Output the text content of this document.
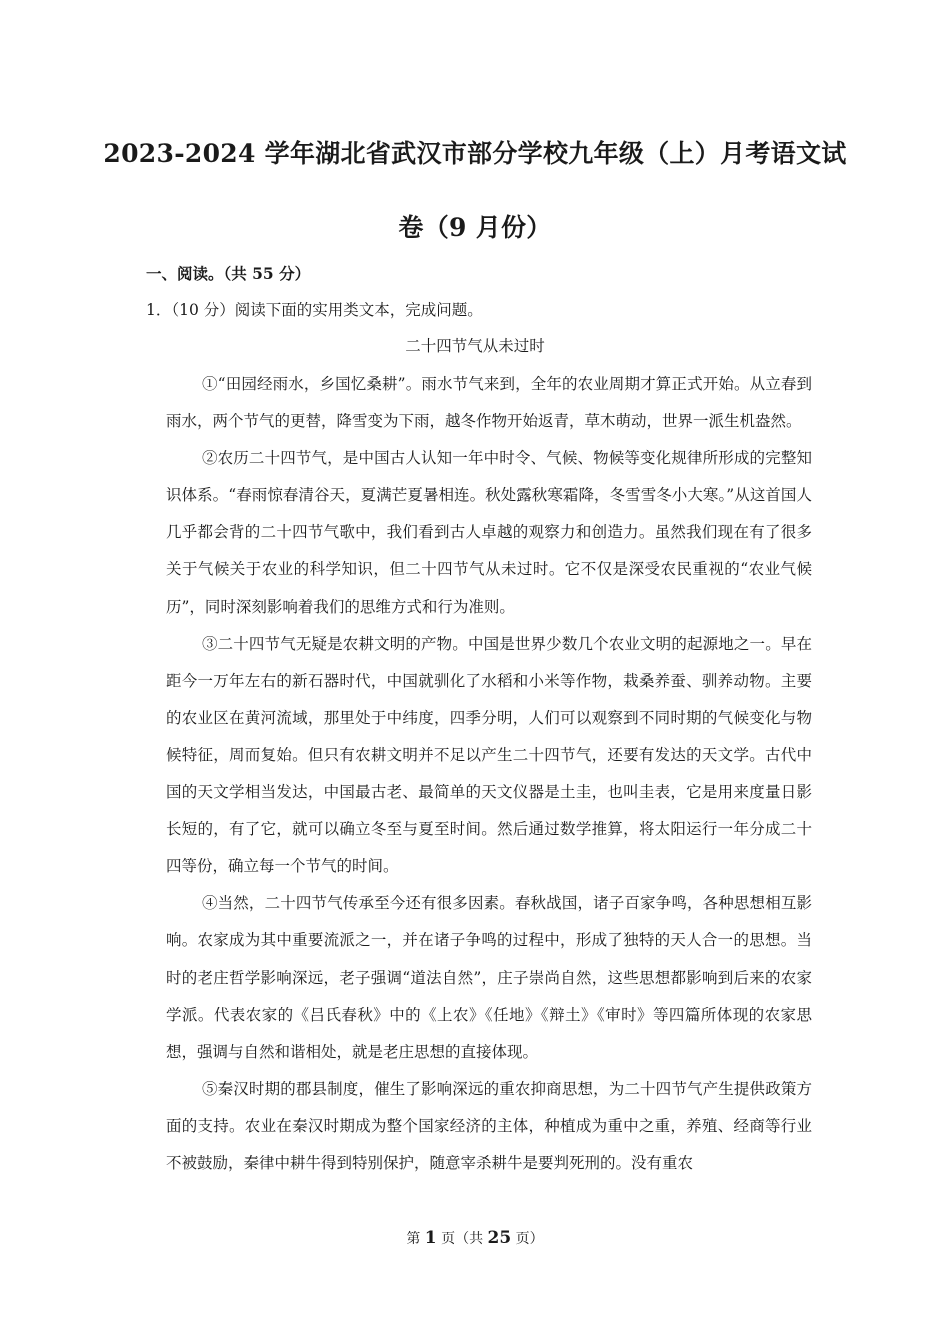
2023-2024 学年湖北省武汉市部分学校九年级（上）月考语文试
卷（9 月份）
一、阅读。（共 55 分）
1．（10 分）阅读下面的实用类文本，完成问题。
二十四节气从未过时

①“田园经雨水，乡国忆桑耕”。雨水节气来到，全年的农业周期才算正式开始。从立春到雨水，两个节气的更替，降雪变为下雨，越冬作物开始返青，草木萌动，世界一派生机盎然。

②农历二十四节气，是中国古人认知一年中时令、气候、物候等变化规律所形成的完整知识体系。“春雨惊春清谷天，夏满芒夏暑相连。秋处露秋寒霜降，冬雪雪冬小大寒。”从这首国人几乎都会背的二十四节气歌中，我们看到古人卓越的观察力和创造力。虽然我们现在有了很多关于气候关于农业的科学知识，但二十四节气从未过时。它不仅是深受农民重视的“农业气候历”，同时深刻影响着我们的思维方式和行为准则。

③二十四节气无疑是农耕文明的产物。中国是世界少数几个农业文明的起源地之一。早在距今一万年左右的新石器时代，中国就驯化了水稻和小米等作物，栽桑养蚕、驯养动物。主要的农业区在黄河流域，那里处于中纬度，四季分明，人们可以观察到不同时期的气候变化与物候特征，周而复始。但只有农耕文明并不足以产生二十四节气，还要有发达的天文学。古代中国的天文学相当发达，中国最古老、最简单的天文仪器是土圭，也叫圭表，它是用来度量日影长短的，有了它，就可以确立冬至与夏至时间。然后通过数学推算，将太阳运行一年分成二十四等份，确立每一个节气的时间。

④当然，二十四节气传承至今还有很多因素。春秋战国，诸子百家争鸣，各种思想相互影响。农家成为其中重要流派之一，并在诸子争鸣的过程中，形成了独特的天人合一的思想。当时的老庄哲学影响深远，老子强调“道法自然”，庄子崇尚自然，这些思想都影响到后来的农家学派。代表农家的《吕氏春秋》中的《上农》《任地》《辩土》《审时》等四篇所体现的农家思想，强调与自然和谐相处，就是老庄思想的直接体现。

⑤秦汉时期的郡县制度，催生了影响深远的重农抑商思想，为二十四节气产生提供政策方面的支持。农业在秦汉时期成为整个国家经济的主体，种植成为重中之重，养殖、经商等行业不被鼓励，秦律中耕牛得到特别保护，随意宰杀耕牛是要判死刑的。没有重农

第 1 页（共 25 页）
